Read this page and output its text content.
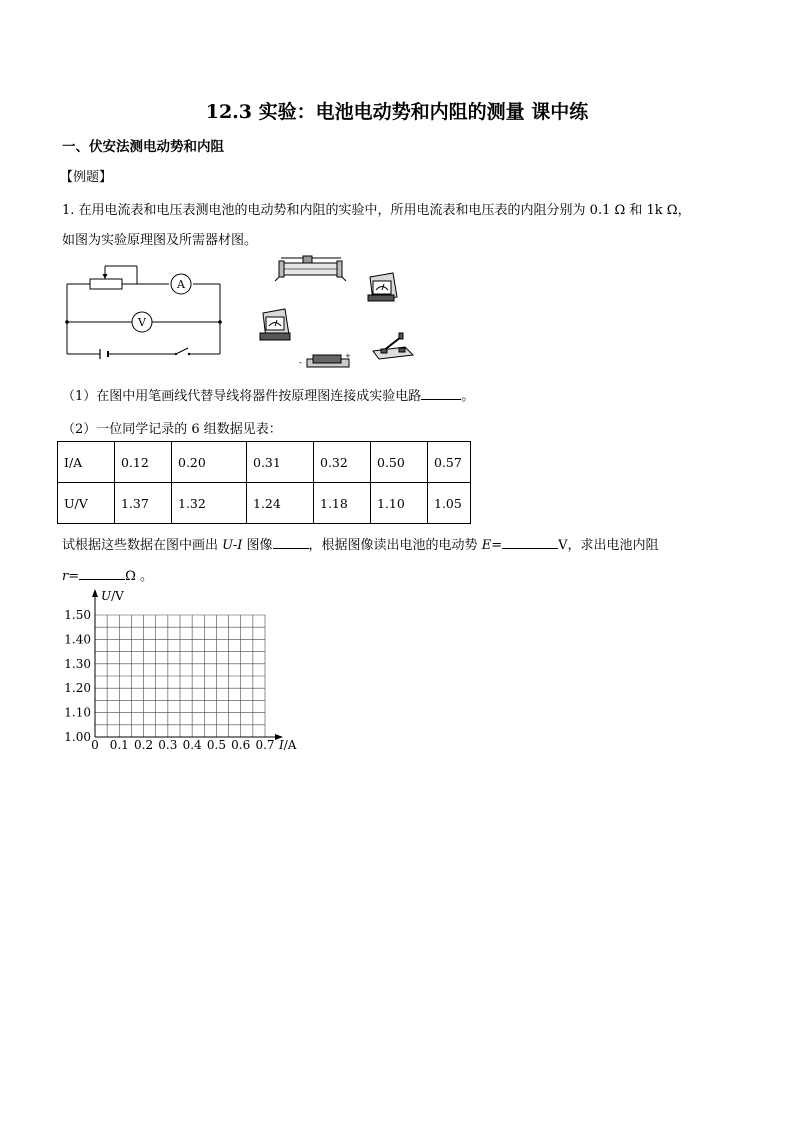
12.3 实验：电池电动势和内阻的测量 课中练
一、伏安法测电动势和内阻
【例题】
1. 在用电流表和电压表测电池的电动势和内阻的实验中，所用电流表和电压表的内阻分别为 0.1 Ω 和 1k Ω，
如图为实验原理图及所需器材图。
A
V
-
+
（1）在图中用笔画线代替导线将器件按原理图连接成实验电路	。
（2）一位同学记录的 6 组数据见表：
I/A	0.12	0.20	0.31	0.32	0.50	0.57
U/V	1.37	1.32	1.24	1.18	1.10	1.05
试根据这些数据在图中画出 U-I 图像	，根据图像读出电池的电动势 E=	V，求出电池内阻
r=	Ω 。
1.50
1.40
1.30
1.20
1.10
1.00
0 0.1 0.2 0.3 0.4 0.5 0.6 0.7
U/V
I/A
